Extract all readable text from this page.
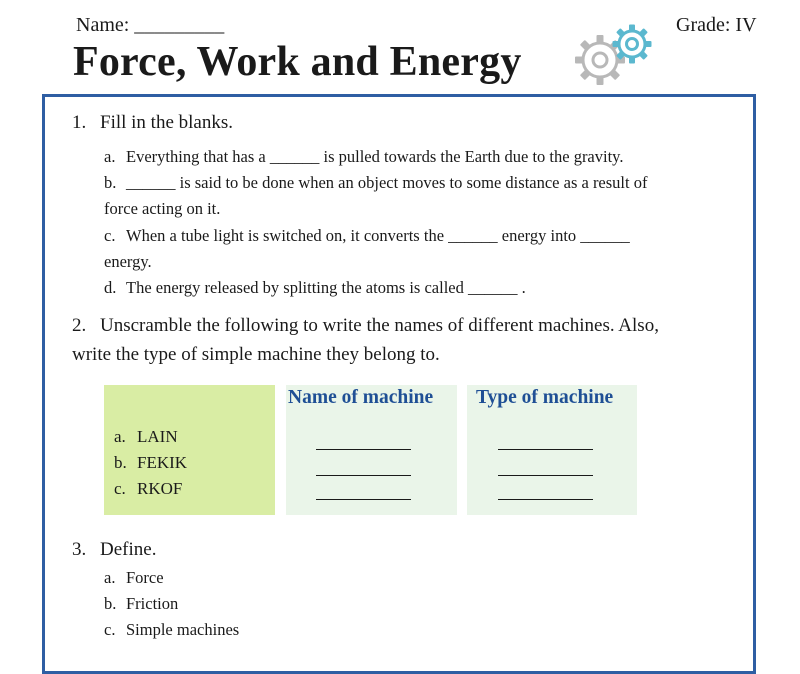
Name: _________	Grade: IV
Force, Work and Energy
1. Fill in the blanks.
a. Everything that has a ______ is pulled towards the Earth due to the gravity.
b. ______ is said to be done when an object moves to some distance as a result of
force acting on it.
c. When a tube light is switched on, it converts the ______ energy into ______
energy.
d. The energy released by splitting the atoms is called ______ .
2. Unscramble the following to write the names of different machines. Also,
write the type of simple machine they belong to.
Name of machine Type of machine
a. LAIN
b. FEKIK
c. RKOF
3. Define.
a. Force
b. Friction
c. Simple machines
